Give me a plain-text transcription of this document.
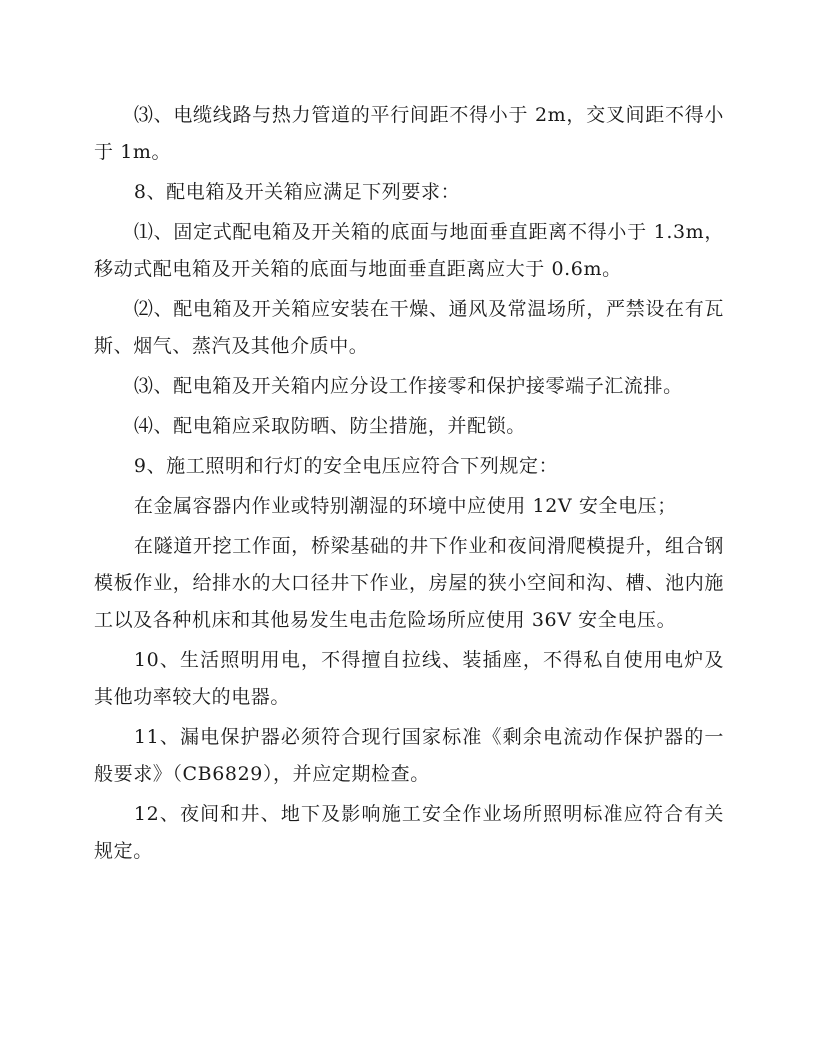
⑶、电缆线路与热力管道的平行间距不得小于 2m，交叉间距不得小于 1m。

8、配电箱及开关箱应满足下列要求：

⑴、固定式配电箱及开关箱的底面与地面垂直距离不得小于 1.3m，移动式配电箱及开关箱的底面与地面垂直距离应大于 0.6m。

⑵、配电箱及开关箱应安装在干燥、通风及常温场所，严禁设在有瓦斯、烟气、蒸汽及其他介质中。

⑶、配电箱及开关箱内应分设工作接零和保护接零端子汇流排。

⑷、配电箱应采取防晒、防尘措施，并配锁。

9、施工照明和行灯的安全电压应符合下列规定：

在金属容器内作业或特别潮湿的环境中应使用 12V 安全电压；

在隧道开挖工作面，桥梁基础的井下作业和夜间滑爬模提升，组合钢模板作业，给排水的大口径井下作业，房屋的狭小空间和沟、槽、池内施工以及各种机床和其他易发生电击危险场所应使用 36V 安全电压。

10、生活照明用电，不得擅自拉线、装插座，不得私自使用电炉及其他功率较大的电器。

11、漏电保护器必须符合现行国家标准《剩余电流动作保护器的一般要求》（CB6829），并应定期检查。

12、夜间和井、地下及影响施工安全作业场所照明标准应符合有关规定。
